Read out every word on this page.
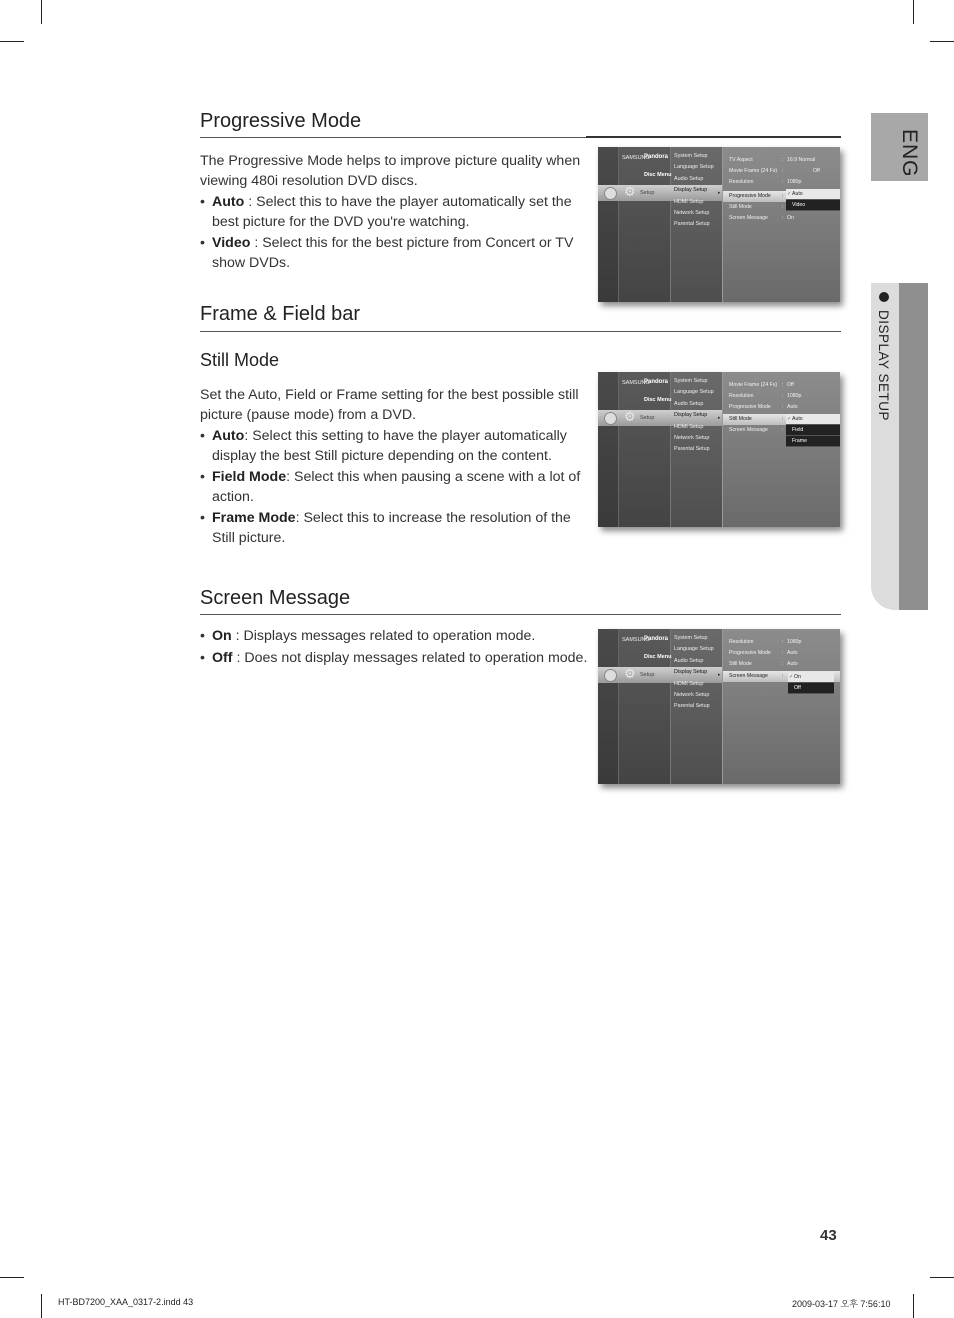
ENG
DISPLAY SETUP
Progressive Mode

The Progressive Mode helps to improve picture quality when viewing 480i resolution DVD discs.

• Auto : Select this to have the player automatically set the best picture for the DVD you're watching.
• Video : Select this for the best picture from Concert or TV show DVDs.
SAMSUNG
Pandora
Disc Menu
⚙ Setup
System Setup
Language Setup
Audio Setup
Display Setup
HDMI Setup
Network Setup
Parental Setup
▸
TV Aspect	: 16:9 Normal
Movie Frame (24 Fs) :	Off
Resolution	: 1080p
Progressive Mode :
Still Mode	:
Screen Message	: On
✓ Auto
Video
Frame & Field bar
Still Mode

Set the Auto, Field or Frame setting for the best possible still picture (pause mode) from a DVD.

• Auto: Select this setting to have the player automatically display the best Still picture depending on the content.
• Field Mode: Select this when pausing a scene with a lot of action.
• Frame Mode: Select this to increase the resolution of the Still picture.
SAMSUNG
Pandora
Disc Menu
⚙ Setup
System Setup
Language Setup
Audio Setup
Display Setup
HDMI Setup
Network Setup
Parental Setup
▸
Movie Frame (24 Fs) : Off
Resolution	: 1080p
Progressive Mode : Auto
Still Mode	:
Screen Message	:
✓ Auto
Field
Frame
Screen Message
• On : Displays messages related to operation mode.
• Off : Does not display messages related to operation mode.
SAMSUNG
Pandora
Disc Menu
⚙ Setup
System Setup
Language Setup
Audio Setup
Display Setup
HDMI Setup
Network Setup
Parental Setup
▸
Resolution	: 1080p
Progressive Mode : Auto
Still Mode	: Auto
Screen Message	:
✓	On
Off
43
HT-BD7200_XAA_0317-2.indd 43	2009-03-17 오후 7:56:10
